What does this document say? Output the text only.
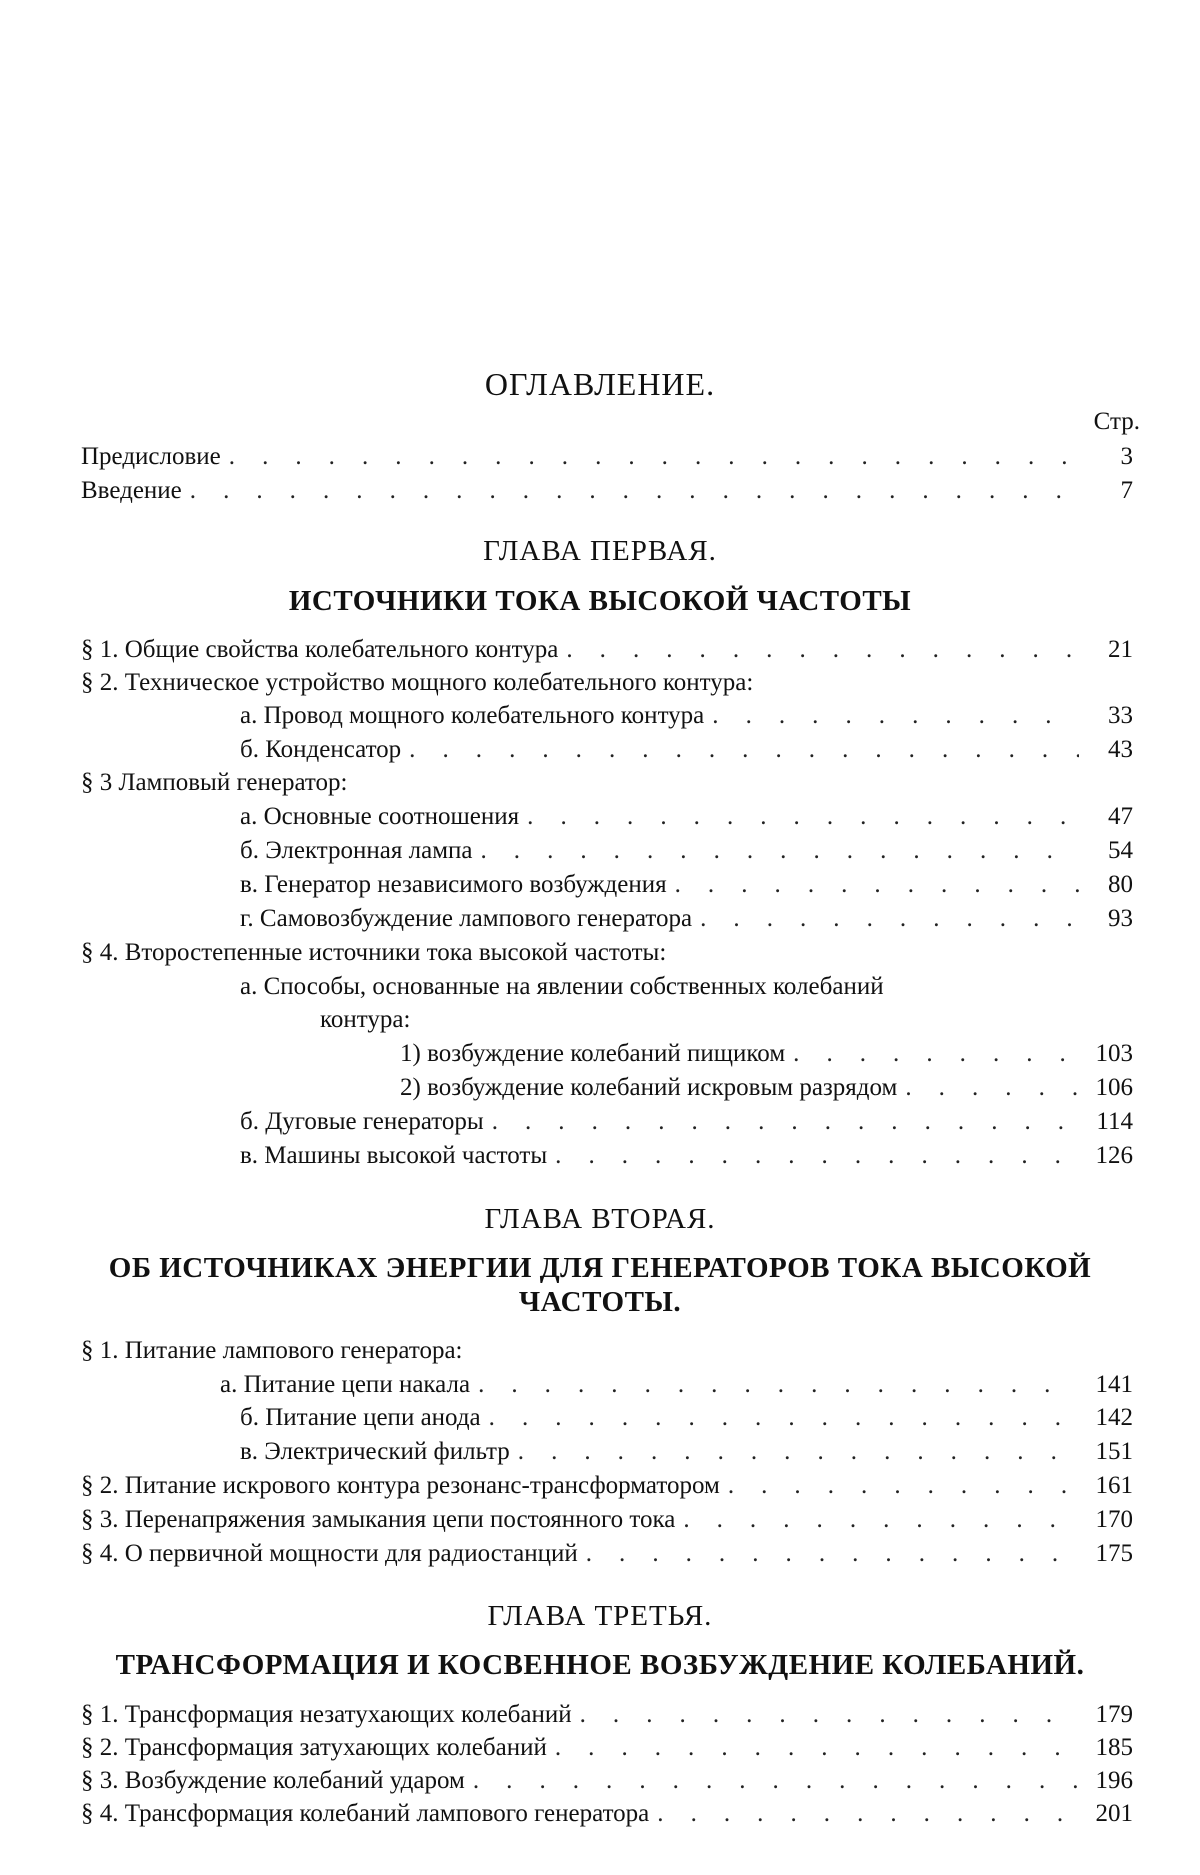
ОГЛАВЛЕНИЕ.
Стр.
Предисловие . . .	3
Введение . . .	7
ГЛАВА ПЕРВАЯ.
ИСТОЧНИКИ ТОКА ВЫСОКОЙ ЧАСТОТЫ
§ 1. Общие свойства колебательного контура . . .	21
§ 2. Техническое устройство мощного колебательного контура:
а. Провод мощного колебательного контура . . .	33
б. Конденсатор . . .	43
§ 3 Ламповый генератор:
а. Основные соотношения . . .	47
б. Электронная лампа . . .	54
в. Генератор независимого возбуждения . . .	80
г. Самовозбуждение лампового генератора . . .	93
§ 4. Второстепенные источники тока высокой частоты:
а. Способы, основанные на явлении собственных колебаний
контура:
1) возбуждение колебаний пищиком . . .	103
2) возбуждение колебаний искровым разрядом . . .	106
б. Дуговые генераторы . . .	114
в. Машины высокой частоты . . .	126
ГЛАВА ВТОРАЯ.
ОБ ИСТОЧНИКАХ ЭНЕРГИИ ДЛЯ ГЕНЕРАТОРОВ ТОКА ВЫСОКОЙ
ЧАСТОТЫ.
§ 1. Питание лампового генератора:
а. Питание цепи накала . . .	141
б. Питание цепи анода . . .	142
в. Электрический фильтр . . .	151
§ 2. Питание искрового контура резонанс-трансформатором . . .	161
§ 3. Перенапряжения замыкания цепи постоянного тока . . .	170
§ 4. О первичной мощности для радиостанций . . .	175
ГЛАВА ТРЕТЬЯ.
ТРАНСФОРМАЦИЯ И КОСВЕННОЕ ВОЗБУЖДЕНИЕ КОЛЕБАНИЙ.
§ 1. Трансформация незатухающих колебаний . . .	179
§ 2. Трансформация затухающих колебаний . . .	185
§ 3. Возбуждение колебаний ударом . . .	196
§ 4. Трансформация колебаний лампового генератора . . .	201
